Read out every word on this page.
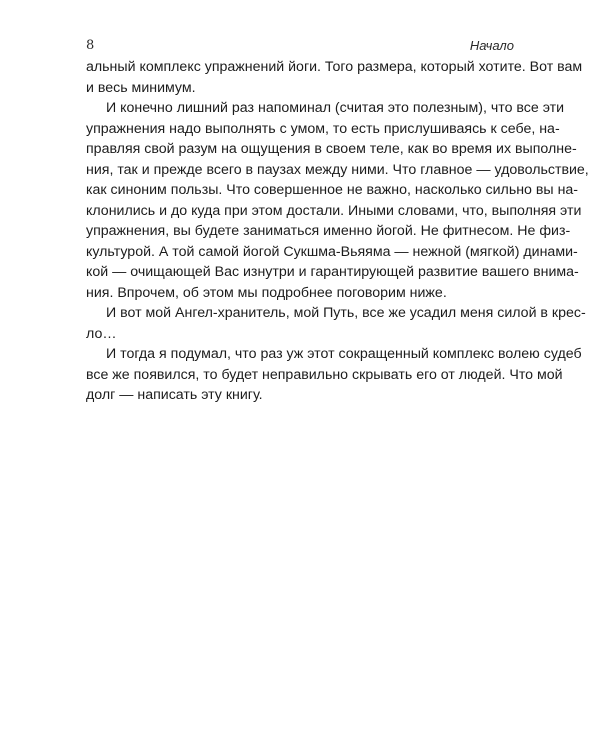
8	Начало
альный комплекс упражнений йоги. Того размера, который хотите. Вот вам
и весь минимум.
И конечно лишний раз напоминал (считая это полезным), что все эти
упражнения надо выполнять с умом, то есть прислушиваясь к себе, на-
правляя свой разум на ощущения в своем теле, как во время их выполне-
ния, так и прежде всего в паузах между ними. Что главное — удовольствие,
как синоним пользы. Что совершенное не важно, насколько сильно вы на-
клонились и до куда при этом достали. Иными словами, что, выполняя эти
упражнения, вы будете заниматься именно йогой. Не фитнесом. Не физ-
культурой. А той самой йогой Сукшма-Вьяяма — нежной (мягкой) динами-
кой — очищающей Вас изнутри и гарантирующей развитие вашего внима-
ния. Впрочем, об этом мы подробнее поговорим ниже.
И вот мой Ангел-хранитель, мой Путь, все же усадил меня силой в крес-
ло…
И тогда я подумал, что раз уж этот сокращенный комплекс волею судеб
все же появился, то будет неправильно скрывать его от людей. Что мой
долг — написать эту книгу.
